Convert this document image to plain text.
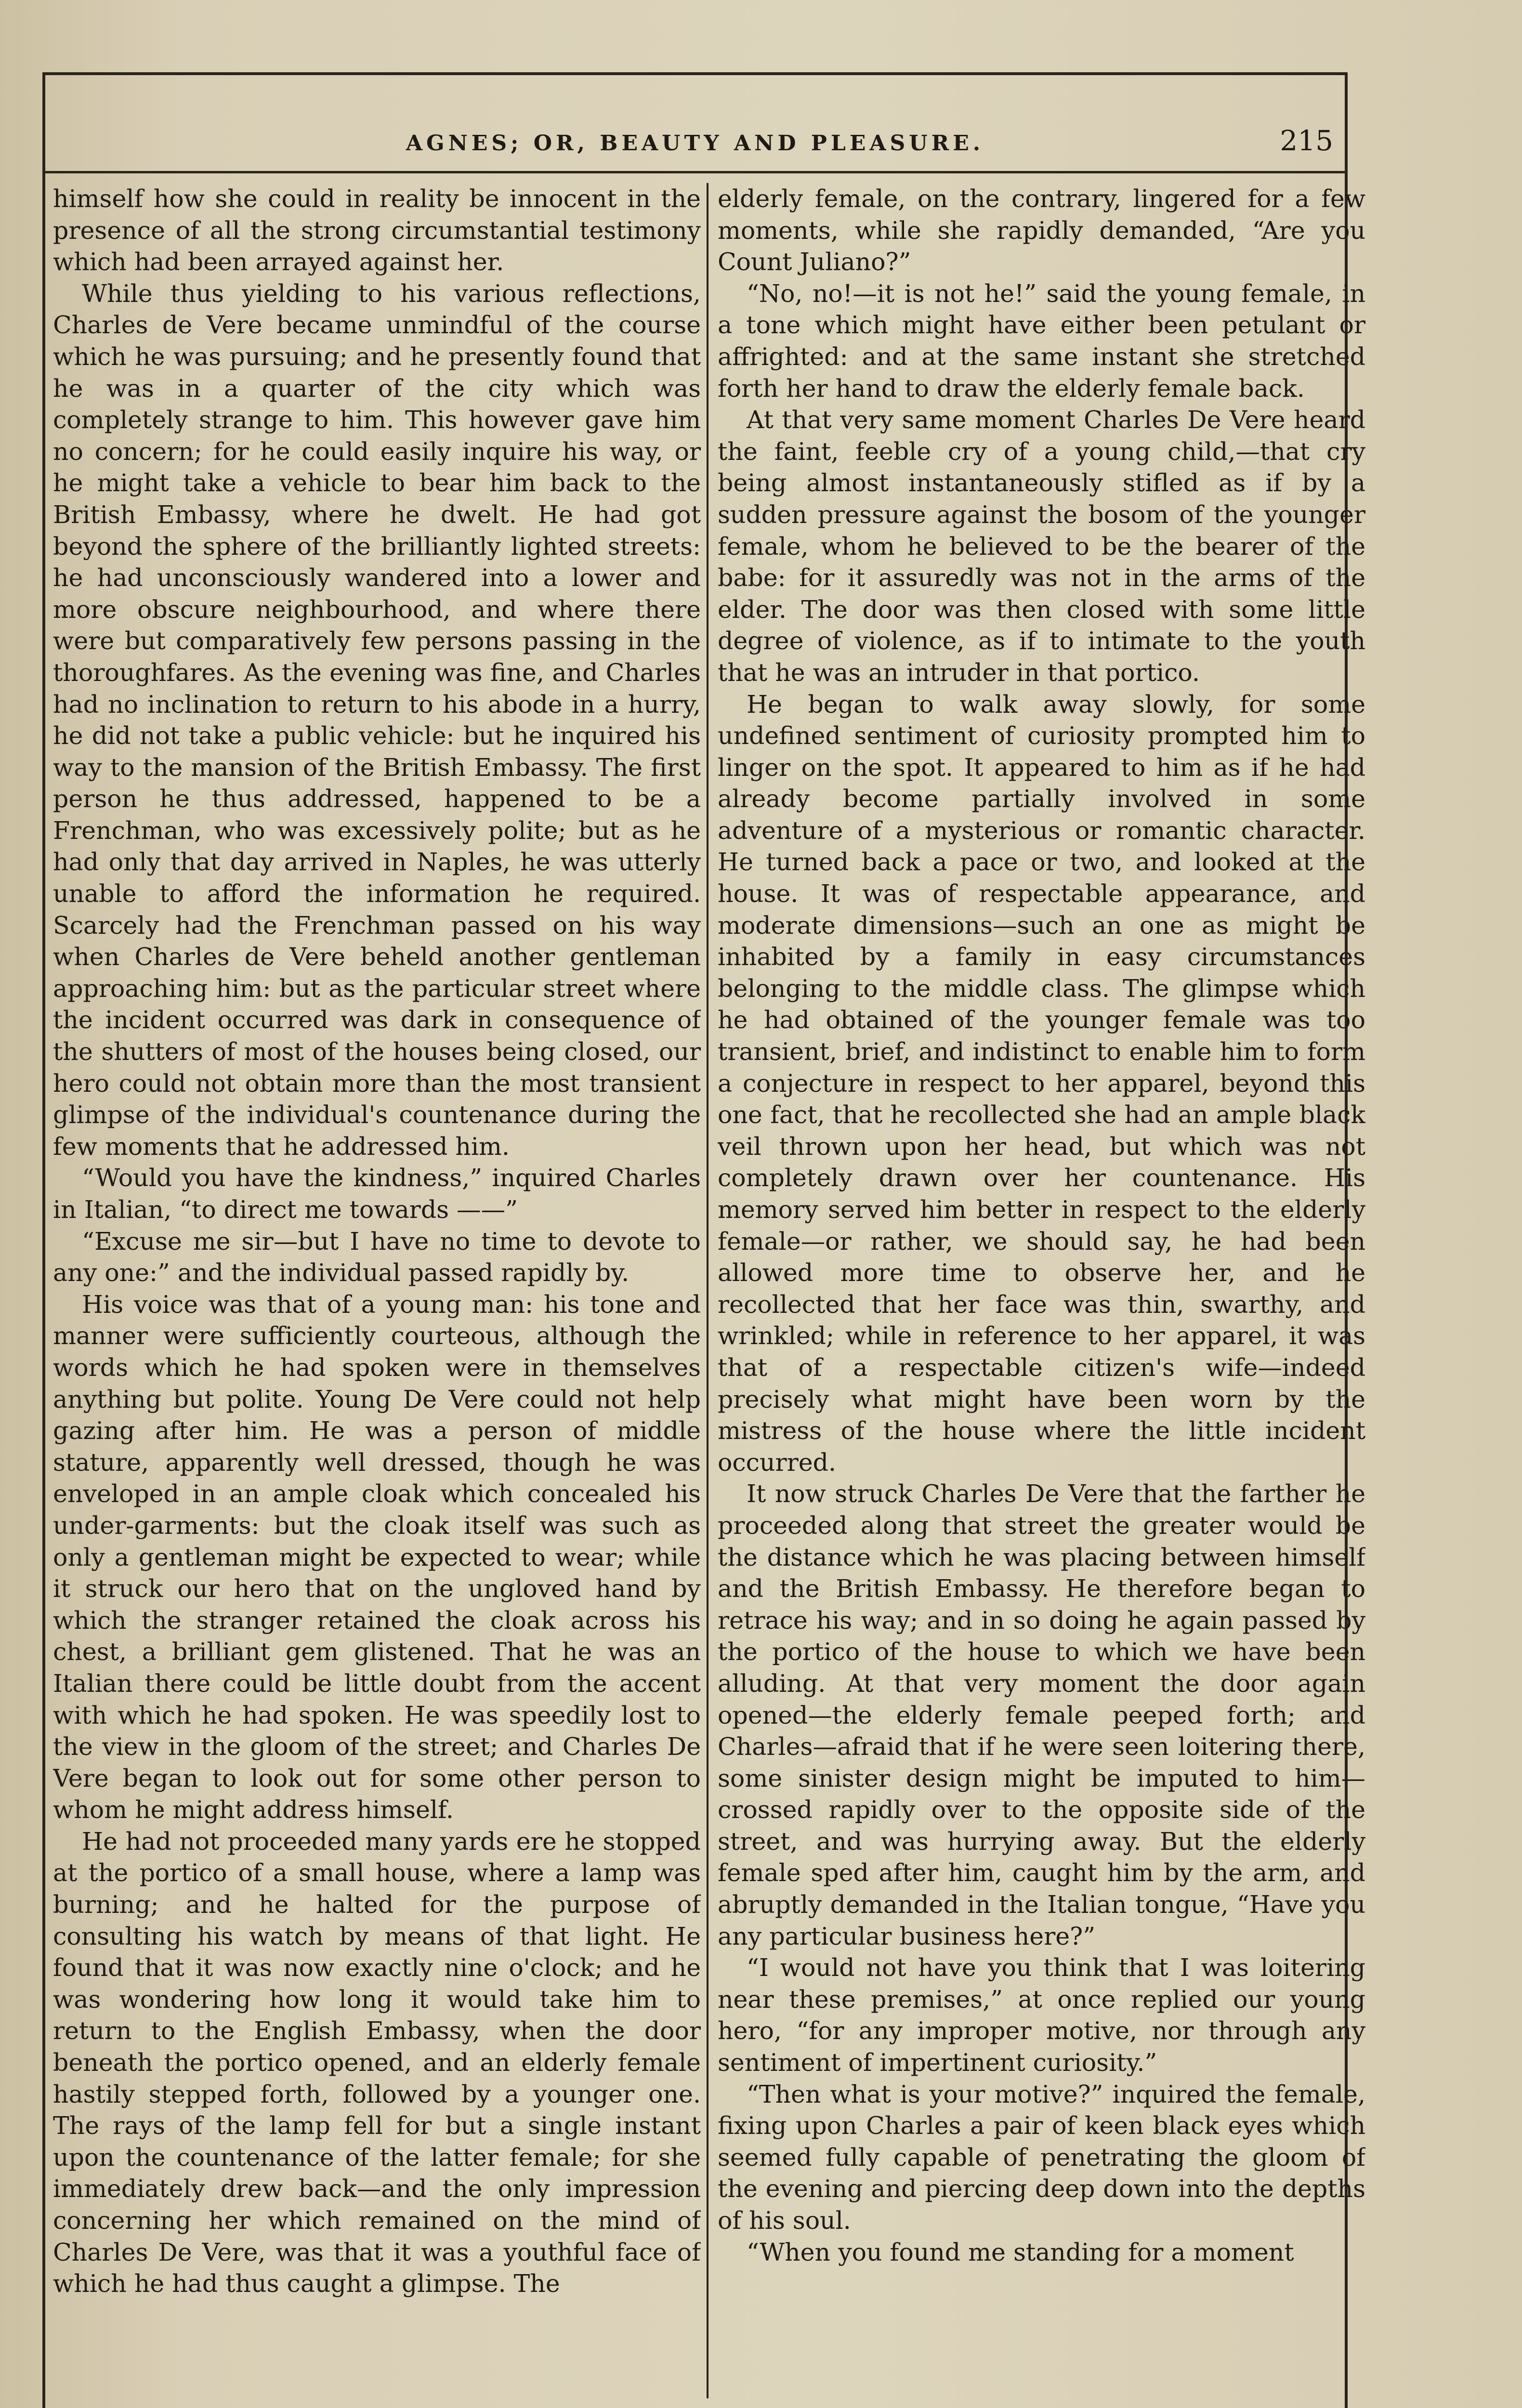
AGNES; OR, BEAUTY AND PLEASURE.	215

himself how she could in reality be innocent in the presence of all the strong circumstantial testimony which had been arrayed against her.

While thus yielding to his various reflections, Charles de Vere became unmindful of the course which he was pursuing; and he presently found that he was in a quarter of the city which was completely strange to him. This however gave him no concern; for he could easily inquire his way, or he might take a vehicle to bear him back to the British Embassy, where he dwelt. He had got beyond the sphere of the brilliantly lighted streets: he had unconsciously wandered into a lower and more obscure neighbourhood, and where there were but comparatively few persons passing in the thoroughfares. As the evening was fine, and Charles had no inclination to return to his abode in a hurry, he did not take a public vehicle: but he inquired his way to the mansion of the British Embassy. The first person he thus addressed, happened to be a Frenchman, who was excessively polite; but as he had only that day arrived in Naples, he was utterly unable to afford the information he required. Scarcely had the Frenchman passed on his way when Charles de Vere beheld another gentleman approaching him: but as the particular street where the incident occurred was dark in consequence of the shutters of most of the houses being closed, our hero could not obtain more than the most transient glimpse of the individual's countenance during the few moments that he addressed him.

“Would you have the kindness,” inquired Charles in Italian, “to direct me towards ——”

“Excuse me sir—but I have no time to devote to any one:” and the individual passed rapidly by.

His voice was that of a young man: his tone and manner were sufficiently courteous, although the words which he had spoken were in themselves anything but polite. Young De Vere could not help gazing after him. He was a person of middle stature, apparently well dressed, though he was enveloped in an ample cloak which concealed his under-garments: but the cloak itself was such as only a gentleman might be expected to wear; while it struck our hero that on the ungloved hand by which the stranger retained the cloak across his chest, a brilliant gem glistened. That he was an Italian there could be little doubt from the accent with which he had spoken. He was speedily lost to the view in the gloom of the street; and Charles De Vere began to look out for some other person to whom he might address himself.

He had not proceeded many yards ere he stopped at the portico of a small house, where a lamp was burning; and he halted for the purpose of consulting his watch by means of that light. He found that it was now exactly nine o'clock; and he was wondering how long it would take him to return to the English Embassy, when the door beneath the portico opened, and an elderly female hastily stepped forth, followed by a younger one. The rays of the lamp fell for but a single instant upon the countenance of the latter female; for she immediately drew back—and the only impression concerning her which remained on the mind of Charles De Vere, was that it was a youthful face of which he had thus caught a glimpse. The

elderly female, on the contrary, lingered for a few moments, while she rapidly demanded, “Are you Count Juliano?”

“No, no!—it is not he!” said the young female, in a tone which might have either been petulant or affrighted: and at the same instant she stretched forth her hand to draw the elderly female back.

At that very same moment Charles De Vere heard the faint, feeble cry of a young child,—that cry being almost instantaneously stifled as if by a sudden pressure against the bosom of the younger female, whom he believed to be the bearer of the babe: for it assuredly was not in the arms of the elder. The door was then closed with some little degree of violence, as if to intimate to the youth that he was an intruder in that portico.

He began to walk away slowly, for some undefined sentiment of curiosity prompted him to linger on the spot. It appeared to him as if he had already become partially involved in some adventure of a mysterious or romantic character. He turned back a pace or two, and looked at the house. It was of respectable appearance, and moderate dimensions—such an one as might be inhabited by a family in easy circumstances belonging to the middle class. The glimpse which he had obtained of the younger female was too transient, brief, and indistinct to enable him to form a conjecture in respect to her apparel, beyond this one fact, that he recollected she had an ample black veil thrown upon her head, but which was not completely drawn over her countenance. His memory served him better in respect to the elderly female—or rather, we should say, he had been allowed more time to observe her, and he recollected that her face was thin, swarthy, and wrinkled; while in reference to her apparel, it was that of a respectable citizen's wife—indeed precisely what might have been worn by the mistress of the house where the little incident occurred.

It now struck Charles De Vere that the farther he proceeded along that street the greater would be the distance which he was placing between himself and the British Embassy. He therefore began to retrace his way; and in so doing he again passed by the portico of the house to which we have been alluding. At that very moment the door again opened—the elderly female peeped forth; and Charles—afraid that if he were seen loitering there, some sinister design might be imputed to him—crossed rapidly over to the opposite side of the street, and was hurrying away. But the elderly female sped after him, caught him by the arm, and abruptly demanded in the Italian tongue, “Have you any particular business here?”

“I would not have you think that I was loitering near these premises,” at once replied our young hero, “for any improper motive, nor through any sentiment of impertinent curiosity.”

“Then what is your motive?” inquired the female, fixing upon Charles a pair of keen black eyes which seemed fully capable of penetrating the gloom of the evening and piercing deep down into the depths of his soul.

“When you found me standing for a moment
